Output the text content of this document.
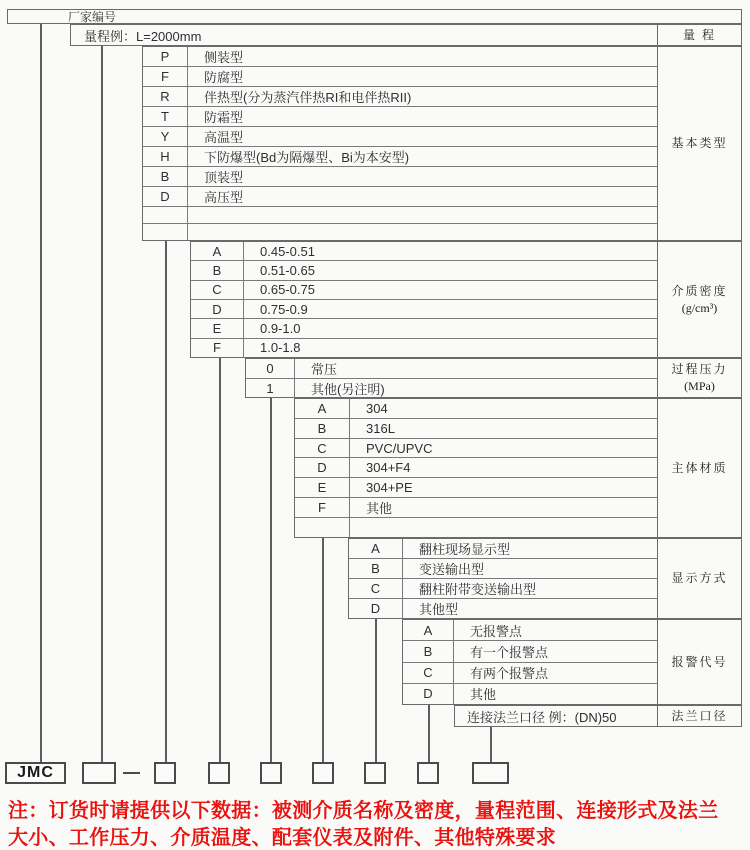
厂家编号
量程例：L=2000mm	量 程
P	侧装型
F	防腐型
R	伴热型(分为蒸汽伴热RI和电伴热RII)
T	防霜型
Y	高温型
H	下防爆型(Bd为隔爆型、Bi为本安型)
B	顶装型
D	高压型
基本类型
A	0.45-0.51
B	0.51-0.65
C	0.65-0.75
D	0.75-0.9
E	0.9-1.0
F	1.0-1.8
介质密度
(g/cm³)
0	常压
1	其他(另注明)
过程压力
(MPa)
A	304
B	316L
C	PVC/UPVC
D	304+F4
E	304+PE
F	其他
主体材质
A	翻柱现场显示型
B	变送输出型
C	翻柱附带变送输出型
D	其他型
显示方式
A	无报警点
B	有一个报警点
C	有两个报警点
D	其他
报警代号
连接法兰口径 例：(DN)50	法兰口径
JMC
注：订货时请提供以下数据：被测介质名称及密度，量程范围、连接形式及法兰
大小、工作压力、介质温度、配套仪表及附件、其他特殊要求
